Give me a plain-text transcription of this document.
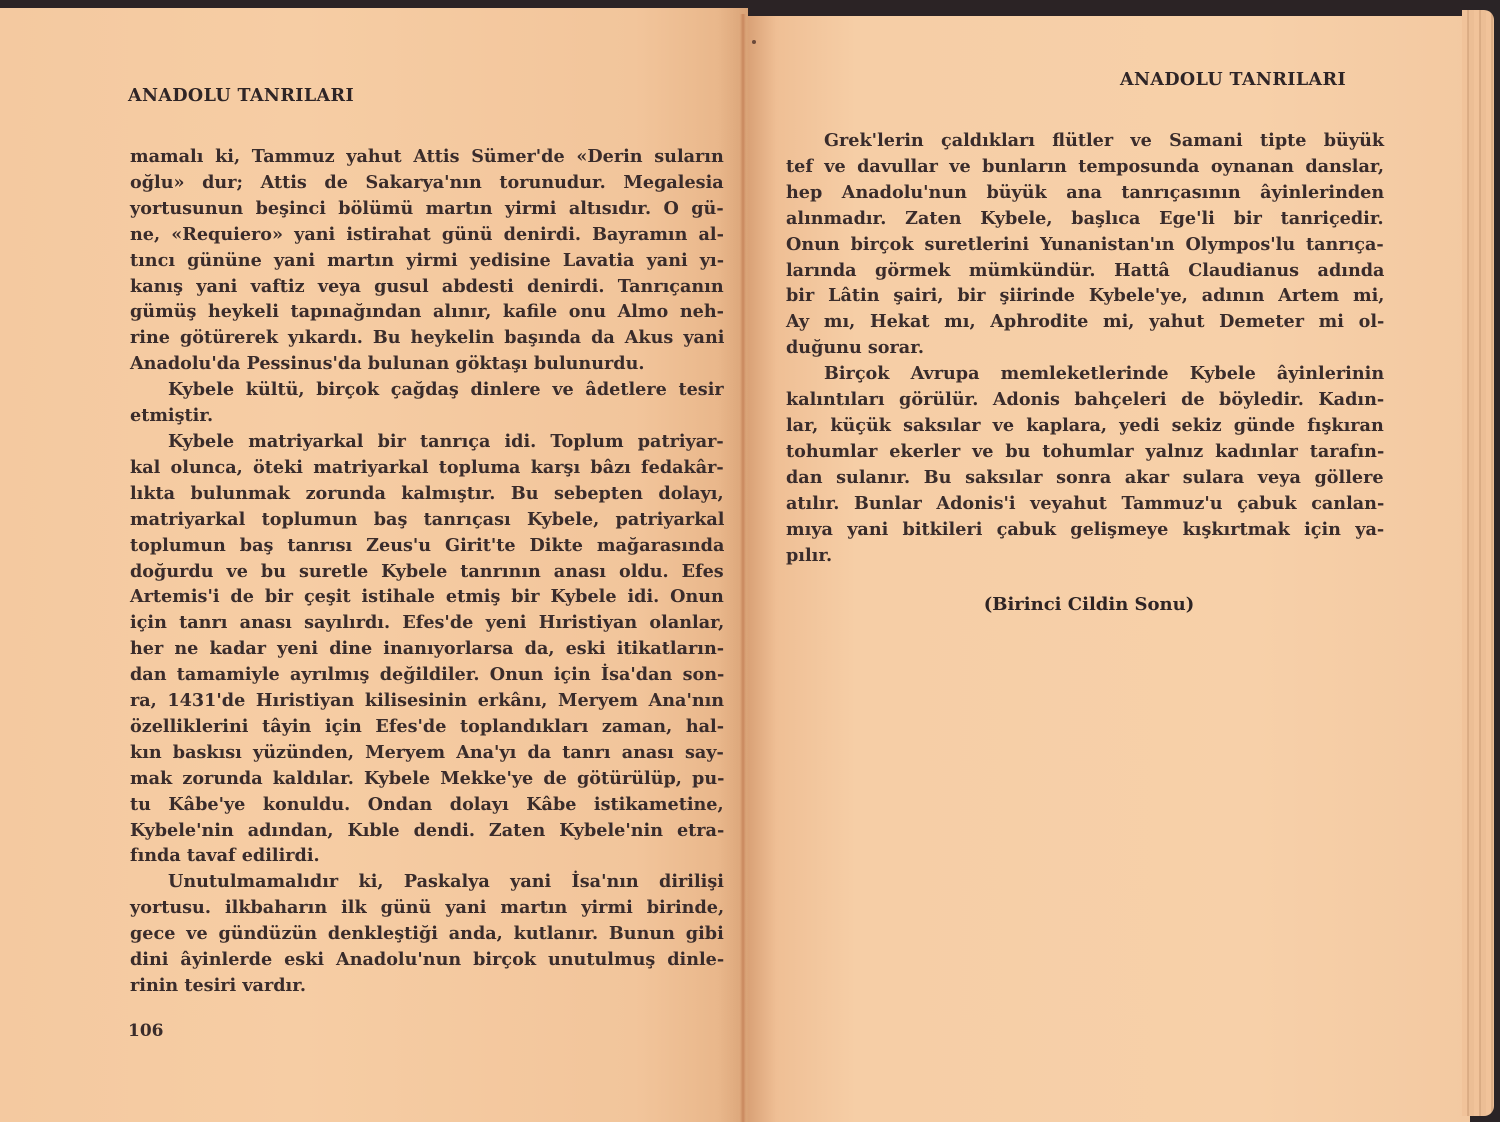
ANADOLU TANRILARI
mamalı ki, Tammuz yahut Attis Sümer'de «Derin suların
oğlu» dur; Attis de Sakarya'nın torunudur. Megalesia
yortusunun beşinci bölümü martın yirmi altısıdır. O gü-
ne, «Requiero» yani istirahat günü denirdi. Bayramın al-
tıncı gününe yani martın yirmi yedisine Lavatia yani yı-
kanış yani vaftiz veya gusul abdesti denirdi. Tanrıçanın
gümüş heykeli tapınağından alınır, kafile onu Almo neh-
rine götürerek yıkardı. Bu heykelin başında da Akus yani
Anadolu'da Pessinus'da bulunan göktaşı bulunurdu.
Kybele kültü, birçok çağdaş dinlere ve âdetlere tesir
etmiştir.
Kybele matriyarkal bir tanrıça idi. Toplum patriyar-
kal olunca, öteki matriyarkal topluma karşı bâzı fedakâr-
lıkta bulunmak zorunda kalmıştır. Bu sebepten dolayı,
matriyarkal toplumun baş tanrıçası Kybele, patriyarkal
toplumun baş tanrısı Zeus'u Girit'te Dikte mağarasında
doğurdu ve bu suretle Kybele tanrının anası oldu. Efes
Artemis'i de bir çeşit istihale etmiş bir Kybele idi. Onun
için tanrı anası sayılırdı. Efes'de yeni Hıristiyan olanlar,
her ne kadar yeni dine inanıyorlarsa da, eski itikatların-
dan tamamiyle ayrılmış değildiler. Onun için İsa'dan son-
ra, 1431'de Hıristiyan kilisesinin erkânı, Meryem Ana'nın
özelliklerini tâyin için Efes'de toplandıkları zaman, hal-
kın baskısı yüzünden, Meryem Ana'yı da tanrı anası say-
mak zorunda kaldılar. Kybele Mekke'ye de götürülüp, pu-
tu Kâbe'ye konuldu. Ondan dolayı Kâbe istikametine,
Kybele'nin adından, Kıble dendi. Zaten Kybele'nin etra-
fında tavaf edilirdi.
Unutulmamalıdır ki, Paskalya yani İsa'nın dirilişi
yortusu. ilkbaharın ilk günü yani martın yirmi birinde,
gece ve gündüzün denkleştiği anda, kutlanır. Bunun gibi
dini âyinlerde eski Anadolu'nun birçok unutulmuş dinle-
rinin tesiri vardır.
106
ANADOLU TANRILARI
Grek'lerin çaldıkları flütler ve Samani tipte büyük
tef ve davullar ve bunların temposunda oynanan danslar,
hep Anadolu'nun büyük ana tanrıçasının âyinlerinden
alınmadır. Zaten Kybele, başlıca Ege'li bir tanriçedir.
Onun birçok suretlerini Yunanistan'ın Olympos'lu tanrıça-
larında görmek mümkündür. Hattâ Claudianus adında
bir Lâtin şairi, bir şiirinde Kybele'ye, adının Artem mi,
Ay mı, Hekat mı, Aphrodite mi, yahut Demeter mi ol-
duğunu sorar.
Birçok Avrupa memleketlerinde Kybele âyinlerinin
kalıntıları görülür. Adonis bahçeleri de böyledir. Kadın-
lar, küçük saksılar ve kaplara, yedi sekiz günde fışkıran
tohumlar ekerler ve bu tohumlar yalnız kadınlar tarafın-
dan sulanır. Bu saksılar sonra akar sulara veya göllere
atılır. Bunlar Adonis'i veyahut Tammuz'u çabuk canlan-
mıya yani bitkileri çabuk gelişmeye kışkırtmak için ya-
pılır.
(Birinci Cildin Sonu)
